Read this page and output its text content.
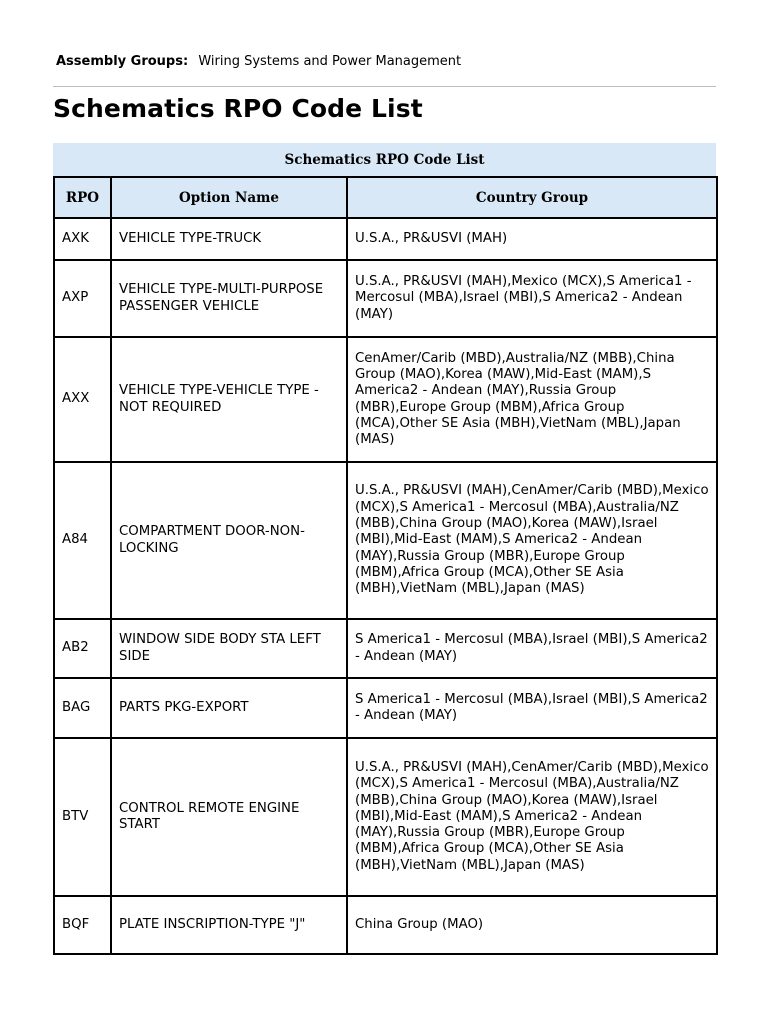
Assembly Groups: Wiring Systems and Power Management
Schematics RPO Code List
Schematics RPO Code List
RPO	Option Name	Country Group
AXK	VEHICLE TYPE-TRUCK	U.S.A., PR&USVI (MAH)
AXP	VEHICLE TYPE-MULTI-PURPOSE PASSENGER VEHICLE	U.S.A., PR&USVI (MAH),Mexico (MCX),S America1 - Mercosul (MBA),Israel (MBI),S America2 - Andean (MAY)
AXX	VEHICLE TYPE-VEHICLE TYPE - NOT REQUIRED	CenAmer/Carib (MBD),Australia/NZ (MBB),China Group (MAO),Korea (MAW),Mid-East (MAM),S America2 - Andean (MAY),Russia Group (MBR),Europe Group (MBM),Africa Group (MCA),Other SE Asia (MBH),VietNam (MBL),Japan (MAS)
A84	COMPARTMENT DOOR-NON-LOCKING	U.S.A., PR&USVI (MAH),CenAmer/Carib (MBD),Mexico (MCX),S America1 - Mercosul (MBA),Australia/NZ (MBB),China Group (MAO),Korea (MAW),Israel (MBI),Mid-East (MAM),S America2 - Andean (MAY),Russia Group (MBR),Europe Group (MBM),Africa Group (MCA),Other SE Asia (MBH),VietNam (MBL),Japan (MAS)
AB2	WINDOW SIDE BODY STA LEFT SIDE	S America1 - Mercosul (MBA),Israel (MBI),S America2 - Andean (MAY)
BAG	PARTS PKG-EXPORT	S America1 - Mercosul (MBA),Israel (MBI),S America2 - Andean (MAY)
BTV	CONTROL REMOTE ENGINE START	U.S.A., PR&USVI (MAH),CenAmer/Carib (MBD),Mexico (MCX),S America1 - Mercosul (MBA),Australia/NZ (MBB),China Group (MAO),Korea (MAW),Israel (MBI),Mid-East (MAM),S America2 - Andean (MAY),Russia Group (MBR),Europe Group (MBM),Africa Group (MCA),Other SE Asia (MBH),VietNam (MBL),Japan (MAS)
BQF	PLATE INSCRIPTION-TYPE "J"	China Group (MAO)
